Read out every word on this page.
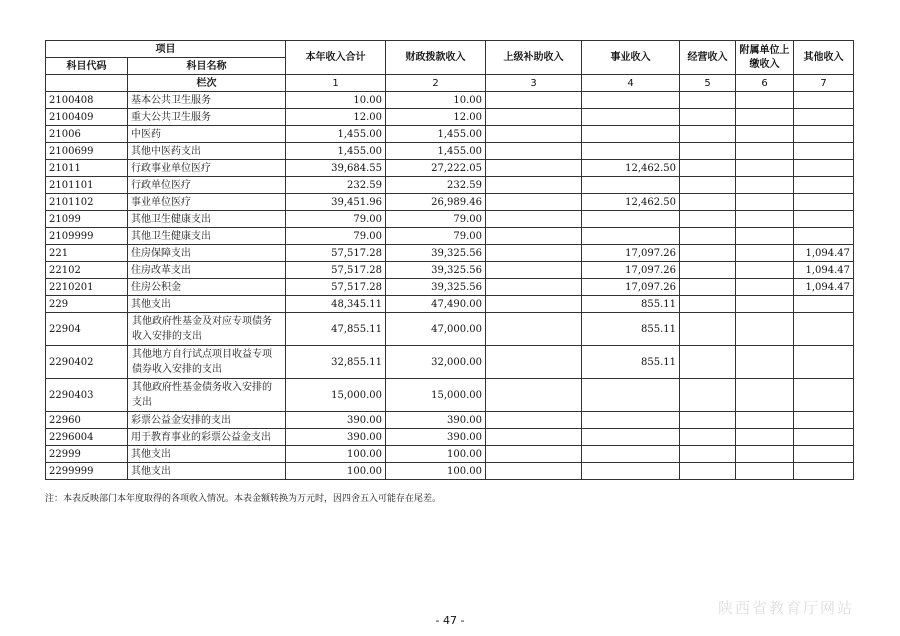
项目		本年收入合计	财政拨款收入	上级补助收入	事业收入	经营收入	附属单位上缴收入	其他收入
科目代码	科目名称							
	栏次	1	2	3	4	5	6	7
2100408	基本公共卫生服务	10.00	10.00					
2100409	重大公共卫生服务	12.00	12.00					
21006	中医药	1,455.00	1,455.00					
2100699	其他中医药支出	1,455.00	1,455.00					
21011	行政事业单位医疗	39,684.55	27,222.05		12,462.50			
2101101	行政单位医疗	232.59	232.59					
2101102	事业单位医疗	39,451.96	26,989.46		12,462.50			
21099	其他卫生健康支出	79.00	79.00					
2109999	其他卫生健康支出	79.00	79.00					
221	住房保障支出	57,517.28	39,325.56		17,097.26			1,094.47
22102	住房改革支出	57,517.28	39,325.56		17,097.26			1,094.47
2210201	住房公积金	57,517.28	39,325.56		17,097.26			1,094.47
229	其他支出	48,345.11	47,490.00		855.11			
22904	其他政府性基金及对应专项债务收入安排的支出	47,855.11	47,000.00		855.11			
2290402	其他地方自行试点项目收益专项债券收入安排的支出	32,855.11	32,000.00		855.11			
2290403	其他政府性基金债务收入安排的支出	15,000.00	15,000.00					
22960	彩票公益金安排的支出	390.00	390.00					
2296004	用于教育事业的彩票公益金支出	390.00	390.00					
22999	其他支出	100.00	100.00					
2299999	其他支出	100.00	100.00					
注：本表反映部门本年度取得的各项收入情况。本表金额转换为万元时，因四舍五入可能存在尾差。
- 47 -
陕西省教育厅网站
